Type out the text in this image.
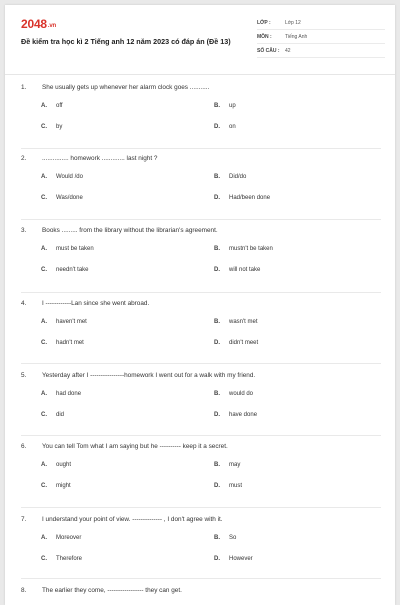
2048.vn
Đề kiểm tra học kì 2 Tiếng anh 12 năm 2023 có đáp án (Đề 13)
LỚP :	Lớp 12
MÔN :	Tiếng Anh
SỐ CÂU :	42
1.	She usually gets up whenever her alarm clock goes ...........
A.	off	B.	up
C.	by	D.	on
2.	............... homework ............. last night ?
A.	Would /do	B.	Did/do
C.	Was/done	D.	Had/been done
3.	Books ......... from the library without the librarian's agreement.
A.	must be taken	B.	mustn't be taken
C.	needn't take	D.	will not take
4.	I ------------Lan since she went abroad.
A.	haven't met	B.	wasn't met
C.	hadn't met	D.	didn't meet
5.	Yesterday after I ----------------homework I went out for a walk with my friend.
A.	had done	B.	would do
C.	did	D.	have done
6.	You can tell Tom what I am saying but he ---------- keep it a secret.
A.	ought	B.	may
C.	might	D.	must
7.	I understand your point of view. -------------- , I don't agree with it.
A.	Moreover	B.	So
C.	Therefore	D.	However
8.	The earlier they come, ----------------- they can get.
